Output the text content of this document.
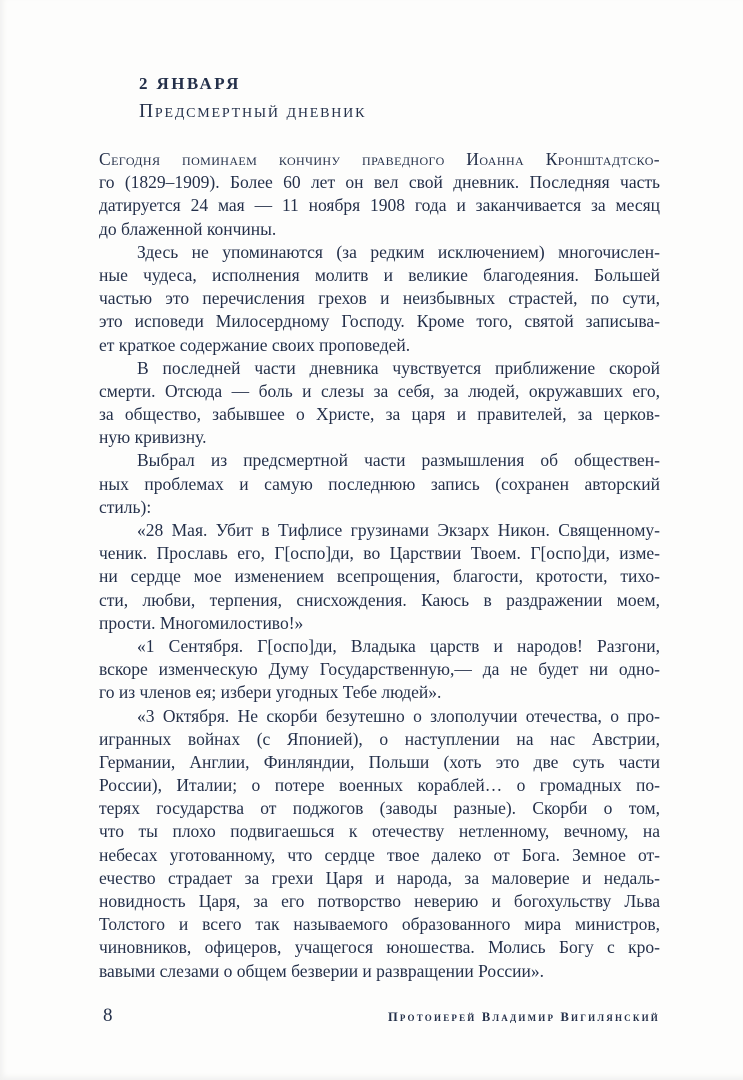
2 ЯНВАРЯ
Предсмертный дневник
Сегодня поминаем кончину праведного Иоанна Кронштадтско-
го (1829–1909). Более 60 лет он вел свой дневник. Последняя часть
датируется 24 мая — 11 ноября 1908 года и заканчивается за месяц
до блаженной кончины.
Здесь не упоминаются (за редким исключением) многочислен-
ные чудеса, исполнения молитв и великие благодеяния. Большей
частью это перечисления грехов и неизбывных страстей, по сути,
это исповеди Милосердному Господу. Кроме того, святой записыва-
ет краткое содержание своих проповедей.
В последней части дневника чувствуется приближение скорой
смерти. Отсюда — боль и слезы за себя, за людей, окружавших его,
за общество, забывшее о Христе, за царя и правителей, за церков-
ную кривизну.
Выбрал из предсмертной части размышления об обществен-
ных проблемах и самую последнюю запись (сохранен авторский
стиль):
«28 Мая. Убит в Тифлисе грузинами Экзарх Никон. Священному-
ченик. Прославь его, Г[оспо]ди, во Царствии Твоем. Г[оспо]ди, изме-
ни сердце мое изменением всепрощения, благости, кротости, тихо-
сти, любви, терпения, снисхождения. Каюсь в раздражении моем,
прости. Многомилостиво!»
«1 Сентября. Г[оспо]ди, Владыка царств и народов! Разгони,
вскоре изменческую Думу Государственную,— да не будет ни одно-
го из членов ея; избери угодных Тебе людей».
«3 Октября. Не скорби безутешно о злополучии отечества, о про-
игранных войнах (с Японией), о наступлении на нас Австрии,
Германии, Англии, Финляндии, Польши (хоть это две суть части
России), Италии; о потере военных кораблей… о громадных по-
терях государства от поджогов (заводы разные). Скорби о том,
что ты плохо подвигаешься к отечеству нетленному, вечному, на
небесах уготованному, что сердце твое далеко от Бога. Земное от-
ечество страдает за грехи Царя и народа, за маловерие и недаль-
новидность Царя, за его потворство неверию и богохульству Льва
Толстого и всего так называемого образованного мира министров,
чиновников, офицеров, учащегося юношества. Молись Богу с кро-
вавыми слезами о общем безверии и развращении России».
8	Протоиерей Владимир Вигилянский
